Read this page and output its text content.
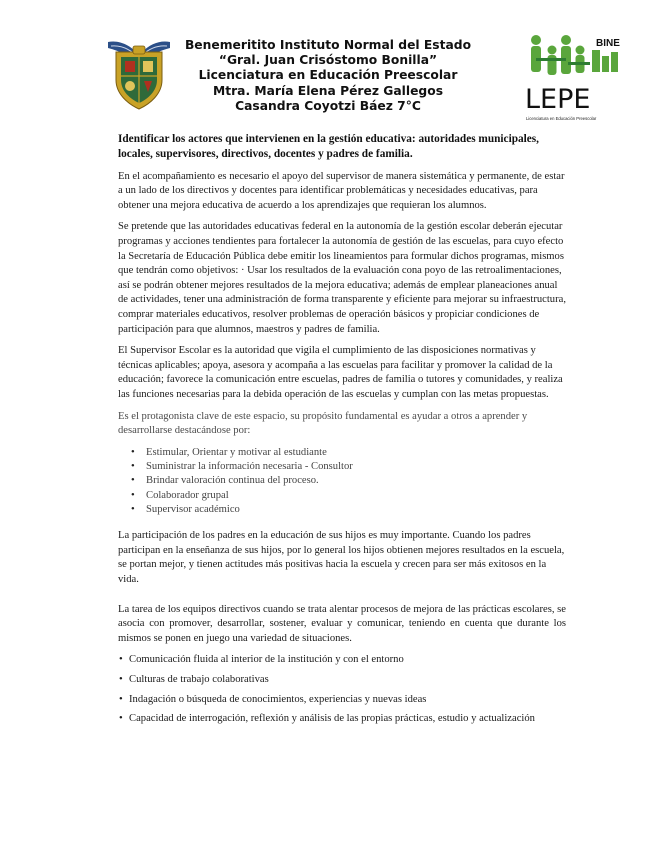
Benemeritito Instituto Normal del Estado
“Gral. Juan Crisóstomo Bonilla”
Licenciatura en Educación Preescolar
Mtra. María Elena Pérez Gallegos
Casandra Coyotzi Báez 7°C
BINE
LEPE
Licenciatura en Educación Preescolar
Identificar los actores que intervienen en la gestión educativa: autoridades municipales, locales, supervisores, directivos, docentes y padres de familia.

En el acompañamiento es necesario el apoyo del supervisor de manera sistemática y permanente, de estar a un lado de los directivos y docentes para identificar problemáticas y necesidades educativas, para obtener una mejora educativa de acuerdo a los aprendizajes que requieran los alumnos.

Se pretende que las autoridades educativas federal en la autonomía de la gestión escolar deberán ejecutar programas y acciones tendientes para fortalecer la autonomía de gestión de las escuelas, para cuyo efecto la Secretaría de Educación Pública debe emitir los lineamientos para formular dichos programas, mismos que tendrán como objetivos: · Usar los resultados de la evaluación cona poyo de las retroalimentaciones, así se podrán obtener mejores resultados de la mejora educativa; además de emplear planeaciones anual de actividades, tener una administración de forma transparente y eficiente para mejorar su infraestructura, comprar materiales educativos, resolver problemas de operación básicos y propiciar condiciones de participación para que alumnos, maestros y padres de familia.

El Supervisor Escolar es la autoridad que vigila el cumplimiento de las disposiciones normativas y técnicas aplicables; apoya, asesora y acompaña a las escuelas para facilitar y promover la calidad de la educación; favorece la comunicación entre escuelas, padres de familia o tutores y comunidades, y realiza las funciones necesarias para la debida operación de las escuelas y cumplan con las metas propuestas.

Es el protagonista clave de este espacio, su propósito fundamental es ayudar a otros a aprender y desarrollarse destacándose por:

• Estimular, Orientar y motivar al estudiante
• Suministrar la información necesaria - Consultor
• Brindar valoración continua del proceso.
• Colaborador grupal
• Supervisor académico

La participación de los padres en la educación de sus hijos es muy importante. Cuando los padres participan en la enseñanza de sus hijos, por lo general los hijos obtienen mejores resultados en la escuela, se portan mejor, y tienen actitudes más positivas hacia la escuela y crecen para ser más exitosos en la vida.

La tarea de los equipos directivos cuando se trata alentar procesos de mejora de las prácticas escolares, se asocia con promover, desarrollar, sostener, evaluar y comunicar, teniendo en cuenta que durante los mismos se ponen en juego una variedad de situaciones.

• Comunicación fluida al interior de la institución y con el entorno
• Culturas de trabajo colaborativas
• Indagación o búsqueda de conocimientos, experiencias y nuevas ideas
• Capacidad de interrogación, reflexión y análisis de las propias prácticas, estudio y actualización
